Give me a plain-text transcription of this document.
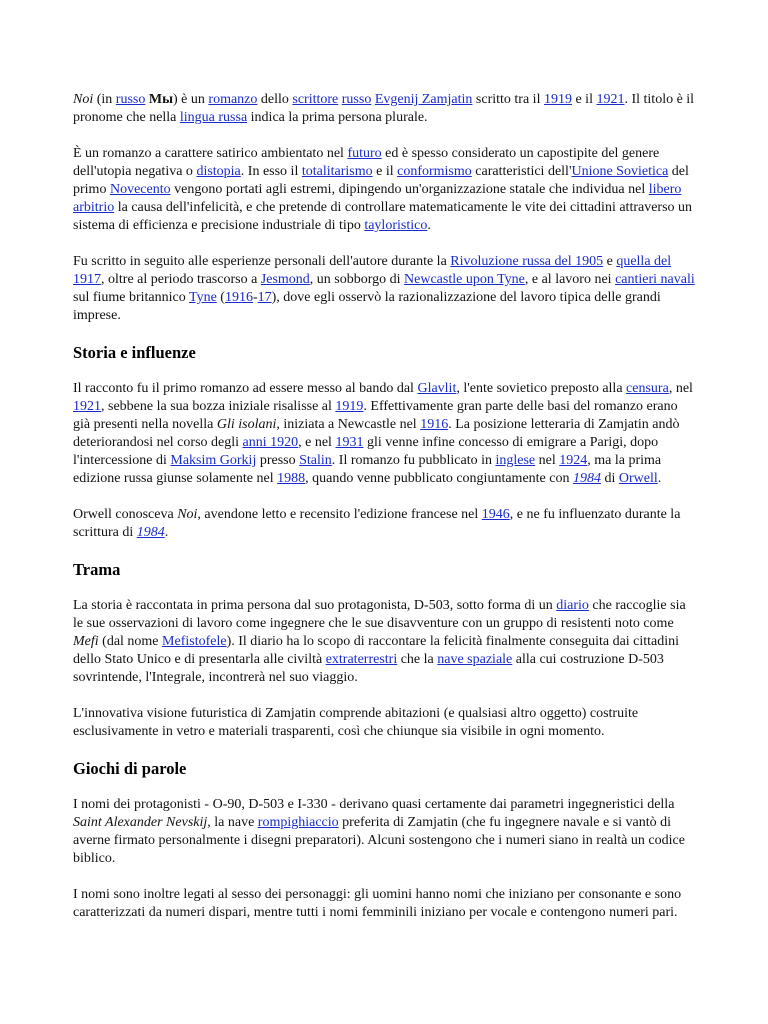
Noi (in russo Мы) è un romanzo dello scrittore russo Evgenij Zamjatin scritto tra il 1919 e il 1921. Il titolo è il pronome che nella lingua russa indica la prima persona plurale.

È un romanzo a carattere satirico ambientato nel futuro ed è spesso considerato un capostipite del genere dell'utopia negativa o distopia. In esso il totalitarismo e il conformismo caratteristici dell'Unione Sovietica del primo Novecento vengono portati agli estremi, dipingendo un'organizzazione statale che individua nel libero arbitrio la causa dell'infelicità, e che pretende di controllare matematicamente le vite dei cittadini attraverso un sistema di efficienza e precisione industriale di tipo tayloristico.

Fu scritto in seguito alle esperienze personali dell'autore durante la Rivoluzione russa del 1905 e quella del 1917, oltre al periodo trascorso a Jesmond, un sobborgo di Newcastle upon Tyne, e al lavoro nei cantieri navali sul fiume britannico Tyne (1916-17), dove egli osservò la razionalizzazione del lavoro tipica delle grandi imprese.

Storia e influenze

Il racconto fu il primo romanzo ad essere messo al bando dal Glavlit, l'ente sovietico preposto alla censura, nel 1921, sebbene la sua bozza iniziale risalisse al 1919. Effettivamente gran parte delle basi del romanzo erano già presenti nella novella Gli isolani, iniziata a Newcastle nel 1916. La posizione letteraria di Zamjatin andò deteriorandosi nel corso degli anni 1920, e nel 1931 gli venne infine concesso di emigrare a Parigi, dopo l'intercessione di Maksim Gorkij presso Stalin. Il romanzo fu pubblicato in inglese nel 1924, ma la prima edizione russa giunse solamente nel 1988, quando venne pubblicato congiuntamente con 1984 di Orwell.

Orwell conosceva Noi, avendone letto e recensito l'edizione francese nel 1946, e ne fu influenzato durante la scrittura di 1984.

Trama

La storia è raccontata in prima persona dal suo protagonista, D-503, sotto forma di un diario che raccoglie sia le sue osservazioni di lavoro come ingegnere che le sue disavventure con un gruppo di resistenti noto come Mefi (dal nome Mefistofele). Il diario ha lo scopo di raccontare la felicità finalmente conseguita dai cittadini dello Stato Unico e di presentarla alle civiltà extraterrestri che la nave spaziale alla cui costruzione D-503 sovrintende, l'Integrale, incontrerà nel suo viaggio.

L'innovativa visione futuristica di Zamjatin comprende abitazioni (e qualsiasi altro oggetto) costruite esclusivamente in vetro e materiali trasparenti, così che chiunque sia visibile in ogni momento.

Giochi di parole

I nomi dei protagonisti - O-90, D-503 e I-330 - derivano quasi certamente dai parametri ingegneristici della Saint Alexander Nevskij, la nave rompighiaccio preferita di Zamjatin (che fu ingegnere navale e si vantò di averne firmato personalmente i disegni preparatori). Alcuni sostengono che i numeri siano in realtà un codice biblico.

I nomi sono inoltre legati al sesso dei personaggi: gli uomini hanno nomi che iniziano per consonante e sono caratterizzati da numeri dispari, mentre tutti i nomi femminili iniziano per vocale e contengono numeri pari.
